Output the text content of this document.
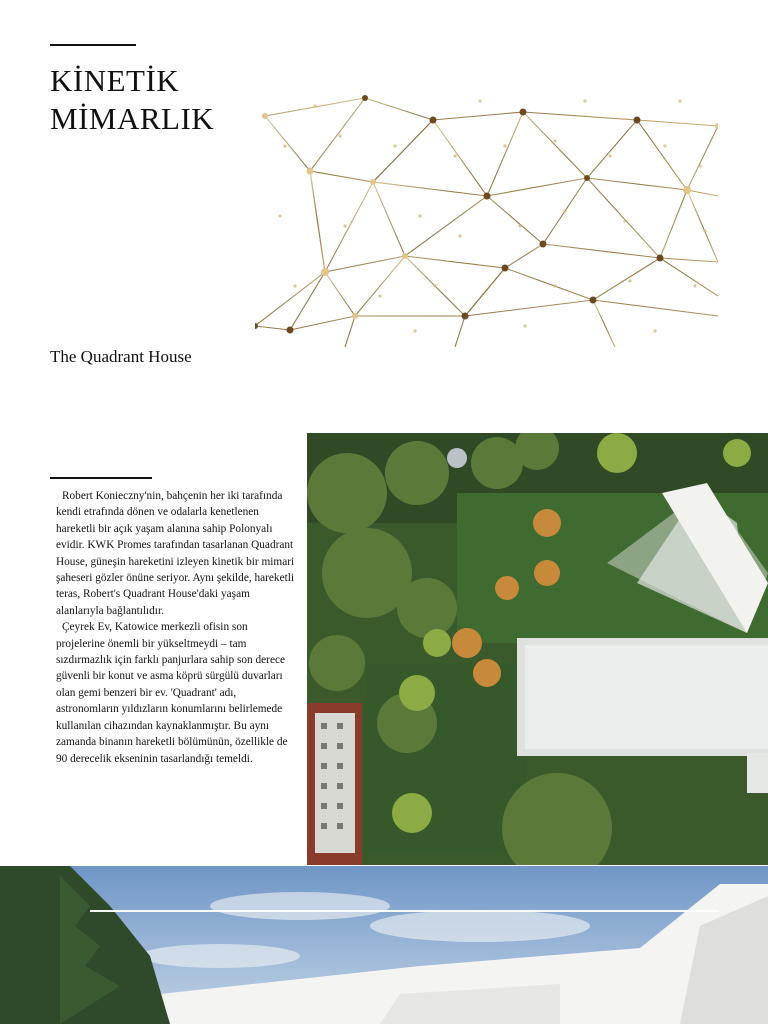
KİNETİK
MİMARLIK
The Quadrant House

Robert Konieczny'nin, bahçenin her iki tarafında kendi etrafında dönen ve odalarla kenetlenen hareketli bir açık yaşam alanına sahip Polonyalı evidir. KWK Promes tarafından tasarlanan Quadrant House, güneşin hareketini izleyen kinetik bir mimari şaheseri gözler önüne seriyor. Aynı şekilde, hareketli teras, Robert's Quadrant House'daki yaşam alanlarıyla bağlantılıdır.

Çeyrek Ev, Katowice merkezli ofisin son projelerine önemli bir yükseltmeydi – tam sızdırmazlık için farklı panjurlara sahip son derece güvenli bir konut ve asma köprü sürgülü duvarları olan gemi benzeri bir ev. 'Quadrant' adı, astronomların yıldızların konumlarını belirlemede kullanılan cihazından kaynaklanmıştır. Bu aynı zamanda binanın hareketli bölümünün, özellikle de 90 derecelik ekseninin tasarlandığı temeldi.
